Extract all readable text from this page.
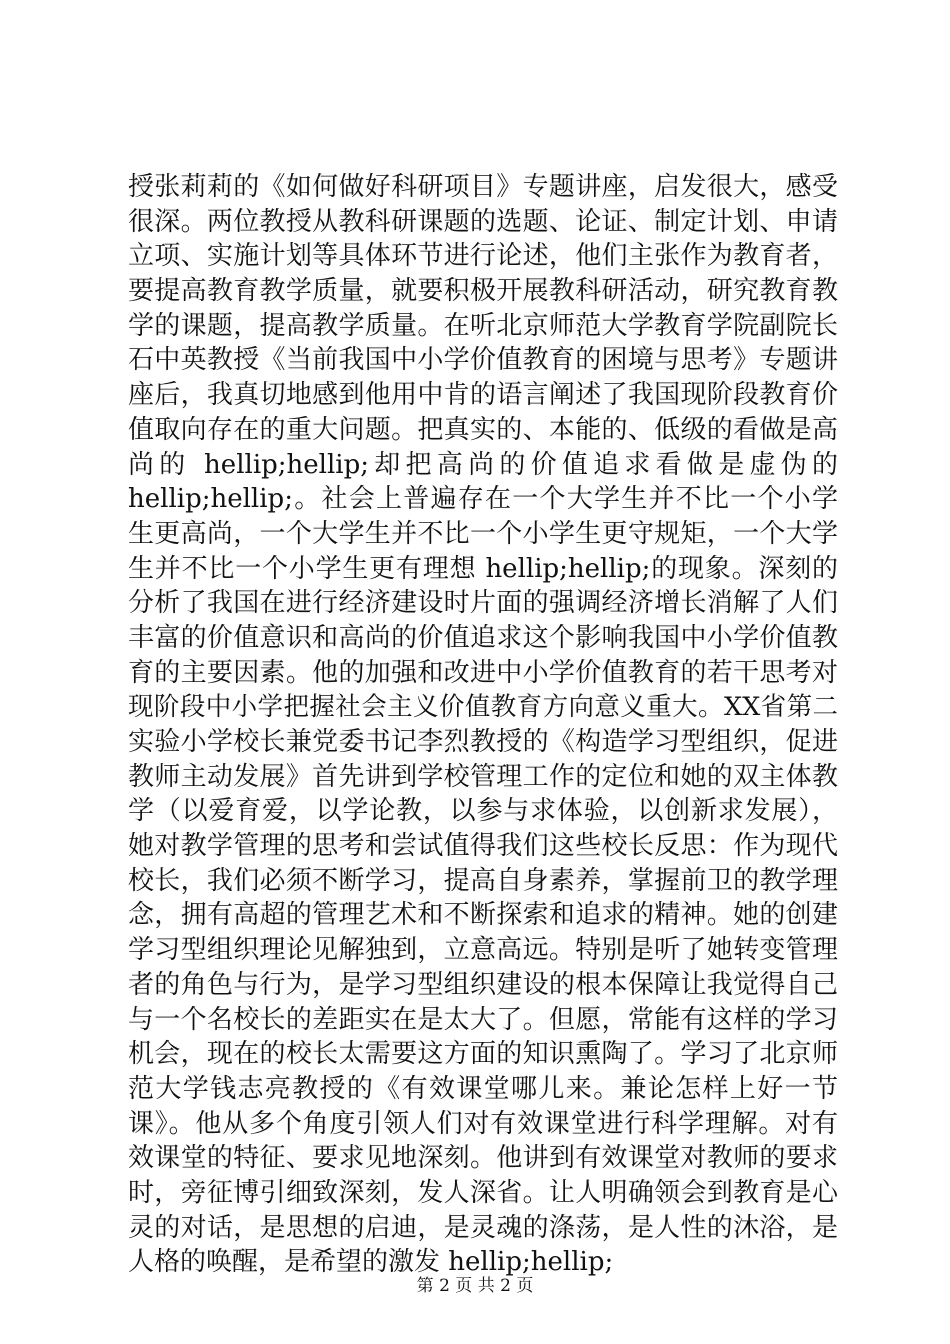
授张莉莉的《如何做好科研项目》专题讲座，启发很大，感受
很深。两位教授从教科研课题的选题、论证、制定计划、申请
立项、实施计划等具体环节进行论述，他们主张作为教育者，
要提高教育教学质量，就要积极开展教科研活动，研究教育教
学的课题，提高教学质量。在听北京师范大学教育学院副院长
石中英教授《当前我国中小学价值教育的困境与思考》专题讲
座后，我真切地感到他用中肯的语言阐述了我国现阶段教育价
值取向存在的重大问题。把真实的、本能的、低级的看做是高
尚的 hellip;hellip;却把高尚的价值追求看做是虚伪的
hellip;hellip;。社会上普遍存在一个大学生并不比一个小学
生更高尚，一个大学生并不比一个小学生更守规矩，一个大学
生并不比一个小学生更有理想 hellip;hellip;的现象。深刻的
分析了我国在进行经济建设时片面的强调经济增长消解了人们
丰富的价值意识和高尚的价值追求这个影响我国中小学价值教
育的主要因素。他的加强和改进中小学价值教育的若干思考对
现阶段中小学把握社会主义价值教育方向意义重大。XX省第二
实验小学校长兼党委书记李烈教授的《构造学习型组织，促进
教师主动发展》首先讲到学校管理工作的定位和她的双主体教
学（以爱育爱，以学论教，以参与求体验，以创新求发展），
她对教学管理的思考和尝试值得我们这些校长反思：作为现代
校长，我们必须不断学习，提高自身素养，掌握前卫的教学理
念，拥有高超的管理艺术和不断探索和追求的精神。她的创建
学习型组织理论见解独到，立意高远。特别是听了她转变管理
者的角色与行为，是学习型组织建设的根本保障让我觉得自己
与一个名校长的差距实在是太大了。但愿，常能有这样的学习
机会，现在的校长太需要这方面的知识熏陶了。学习了北京师
范大学钱志亮教授的《有效课堂哪儿来。兼论怎样上好一节
课》。他从多个角度引领人们对有效课堂进行科学理解。对有
效课堂的特征、要求见地深刻。他讲到有效课堂对教师的要求
时，旁征博引细致深刻，发人深省。让人明确领会到教育是心
灵的对话，是思想的启迪，是灵魂的涤荡，是人性的沐浴，是
人格的唤醒，是希望的激发 hellip;hellip;
第 2 页 共 2 页
